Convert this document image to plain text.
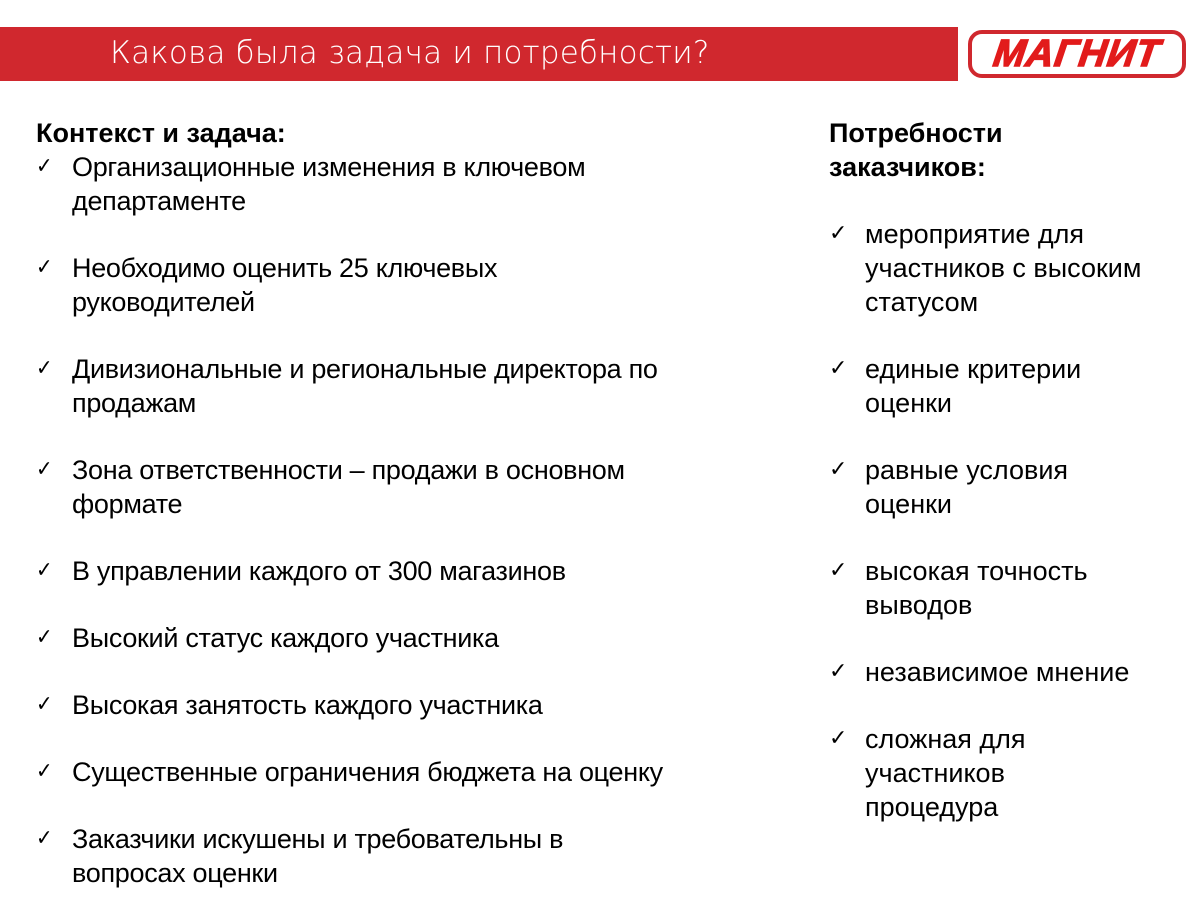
Какова была задача и потребности?	МАГНИТ
Контекст и задача:
✓ Организационные изменения в ключевом департаменте
✓ Необходимо оценить 25 ключевых руководителей
✓ Дивизиональные и региональные директора по продажам
✓ Зона ответственности – продажи в основном формате
✓ В управлении каждого от 300 магазинов
✓ Высокий статус каждого участника
✓ Высокая занятость каждого участника
✓ Существенные ограничения бюджета на оценку
✓ Заказчики искушены и требовательны в вопросах оценки
Потребности заказчиков:
✓ мероприятие для участников с высоким статусом
✓ единые критерии оценки
✓ равные условия оценки
✓ высокая точность выводов
✓ независимое мнение
✓ сложная для участников процедура
